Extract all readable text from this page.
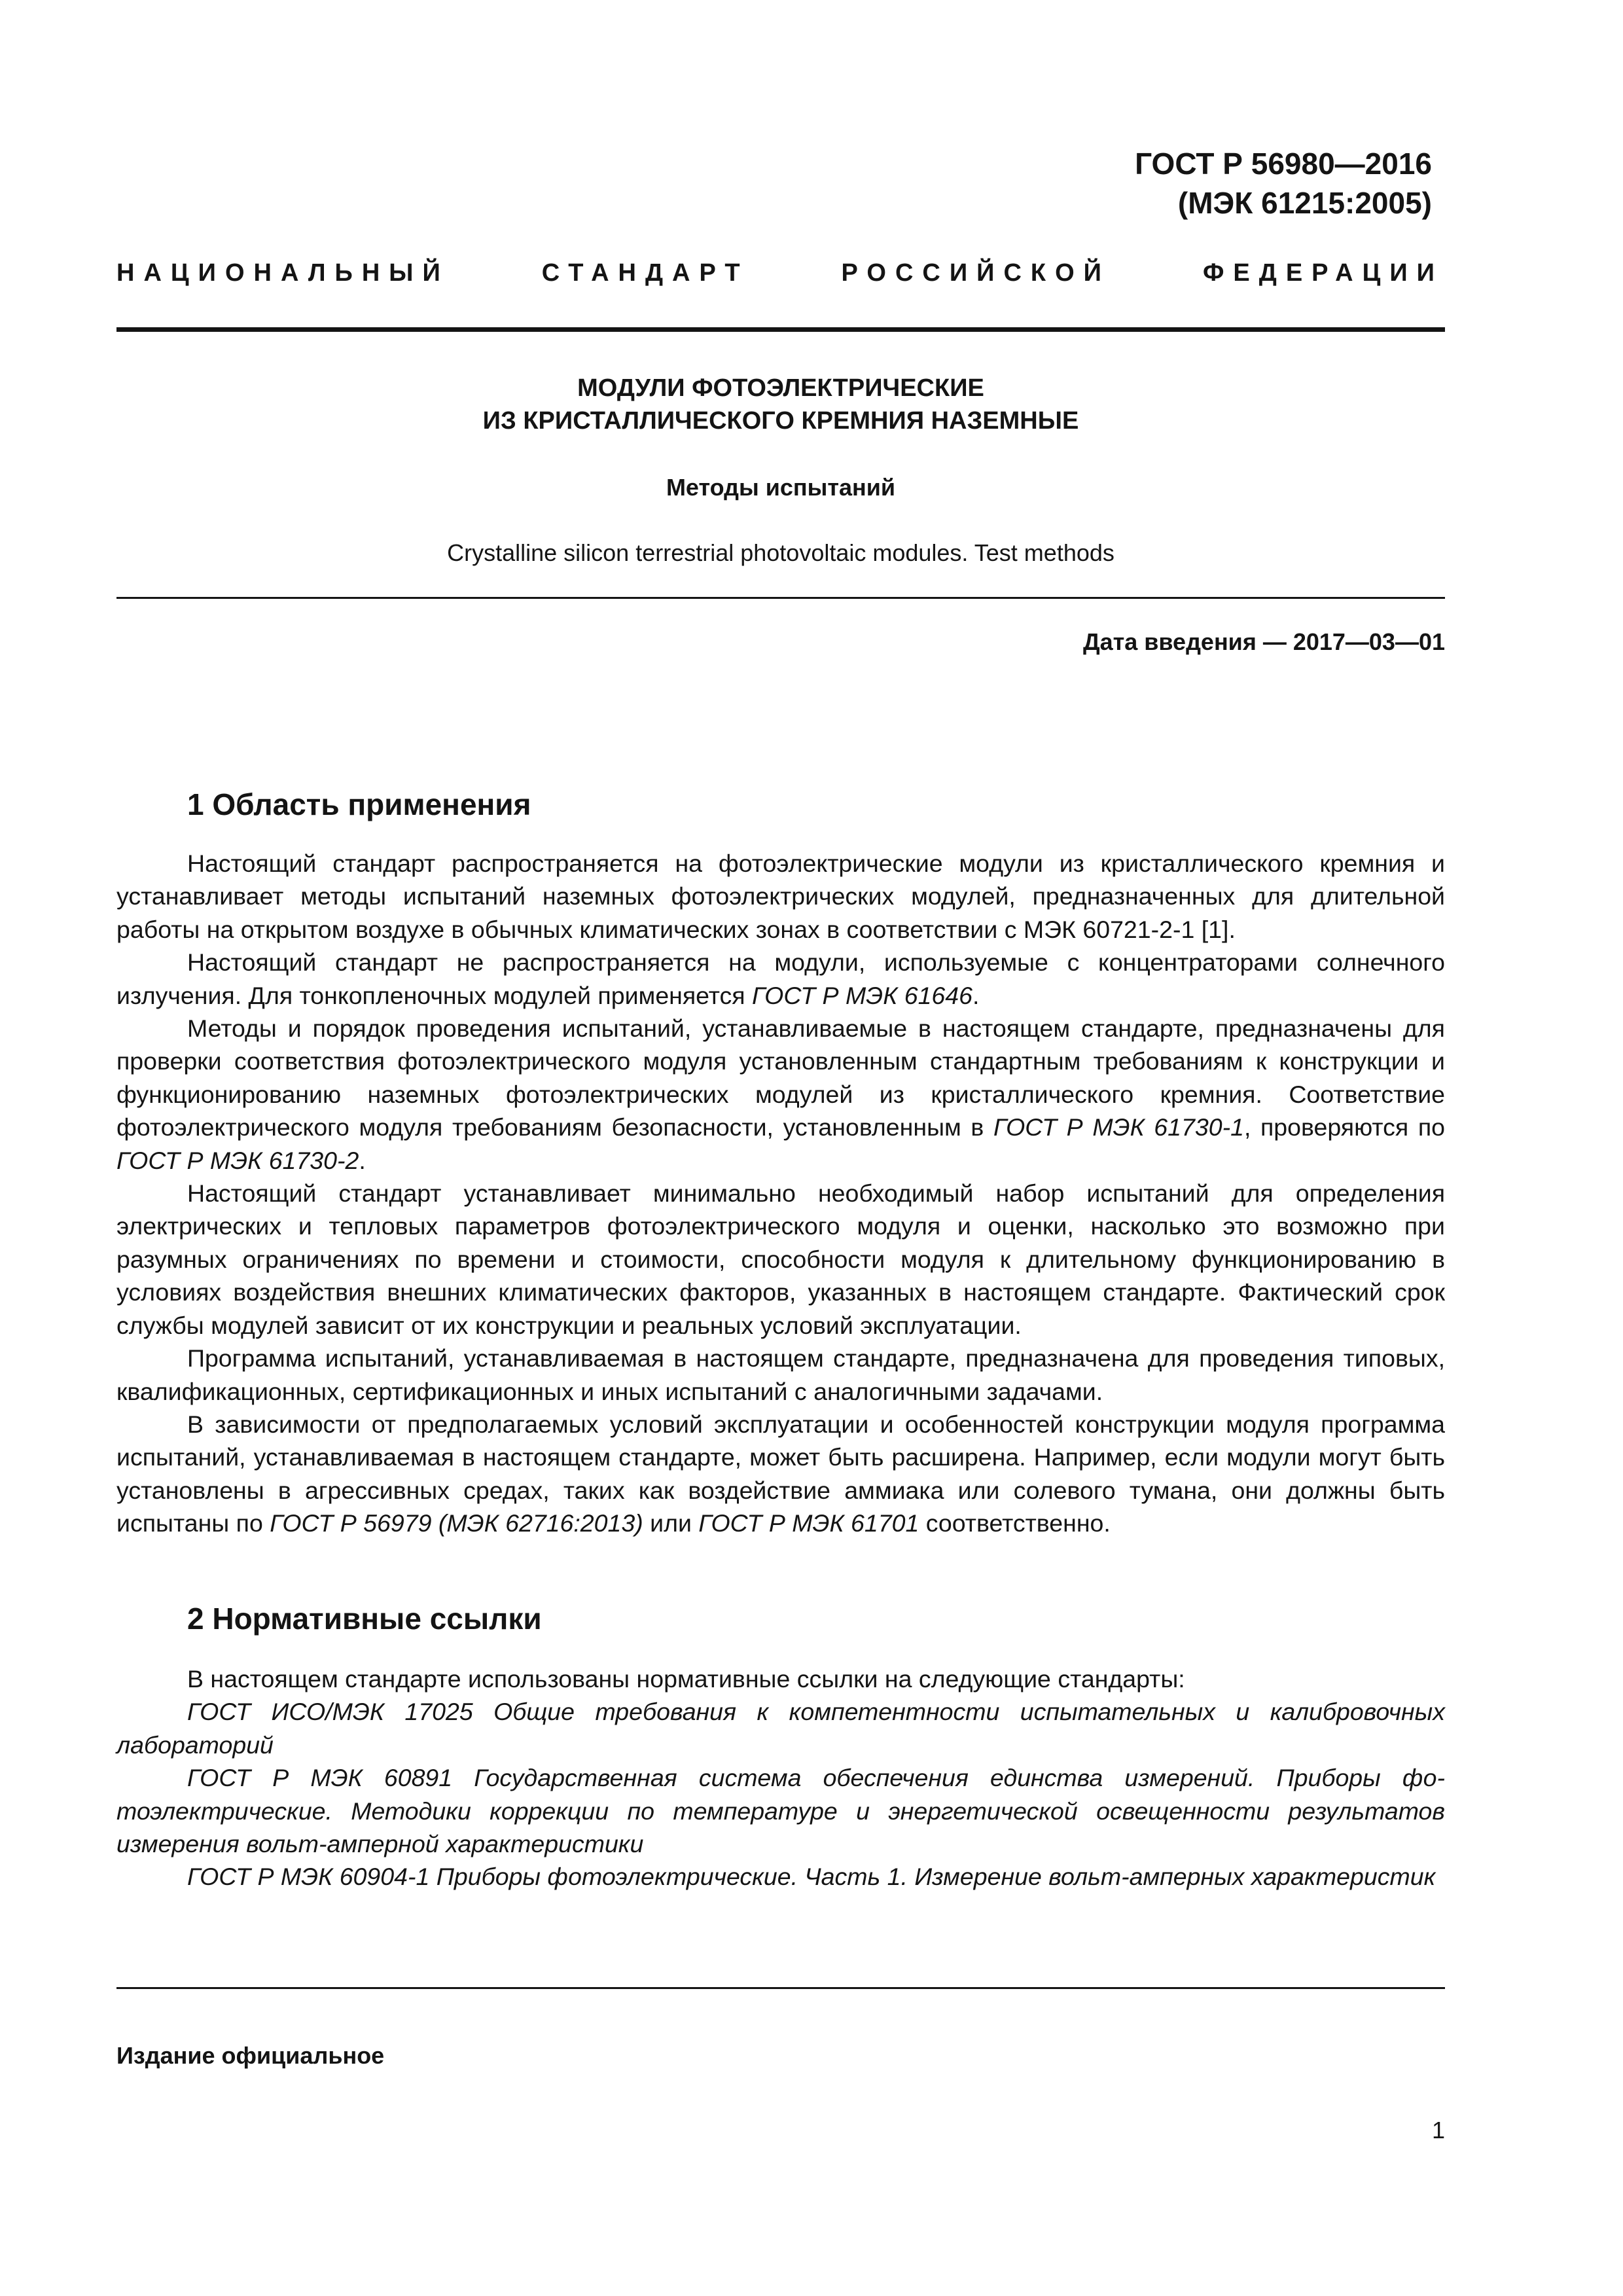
ГОСТ Р 56980—2016
(МЭК 61215:2005)
НАЦИОНАЛЬНЫЙ СТАНДАРТ РОССИЙСКОЙ ФЕДЕРАЦИИ
МОДУЛИ ФОТОЭЛЕКТРИЧЕСКИЕ
ИЗ КРИСТАЛЛИЧЕСКОГО КРЕМНИЯ НАЗЕМНЫЕ
Методы испытаний
Crystalline silicon terrestrial photovoltaic modules. Test methods
Дата введения — 2017—03—01
1 Область применения

Настоящий стандарт распространяется на фотоэлектрические модули из кристаллического кремния и устанавливает методы испытаний наземных фотоэлектрических модулей, предназначенных для длительной работы на открытом воздухе в обычных климатических зонах в соответствии с МЭК 60721-2-1 [1].

Настоящий стандарт не распространяется на модули, используемые с концентраторами солнечного излучения. Для тонкопленочных модулей применяется ГОСТ Р МЭК 61646.

Методы и порядок проведения испытаний, устанавливаемые в настоящем стандарте, предназначены для проверки соответствия фотоэлектрического модуля установленным стандартным требованиям к конструкции и функционированию наземных фотоэлектрических модулей из кристаллического кремния. Соответствие фотоэлектрического модуля требованиям безопасности, установленным в ГОСТ Р МЭК 61730-1, проверяются по ГОСТ Р МЭК 61730-2.

Настоящий стандарт устанавливает минимально необходимый набор испытаний для определения электрических и тепловых параметров фотоэлектрического модуля и оценки, насколько это возможно при разумных ограничениях по времени и стоимости, способности модуля к длительному функционированию в условиях воздействия внешних климатических факторов, указанных в настоящем стандарте. Фактический срок службы модулей зависит от их конструкции и реальных условий эксплуатации.

Программа испытаний, устанавливаемая в настоящем стандарте, предназначена для проведения типовых, квалификационных, сертификационных и иных испытаний с аналогичными задачами.

В зависимости от предполагаемых условий эксплуатации и особенностей конструкции модуля программа испытаний, устанавливаемая в настоящем стандарте, может быть расширена. Например, если модули могут быть установлены в агрессивных средах, таких как воздействие аммиака или солевого тумана, они должны быть испытаны по ГОСТ Р 56979 (МЭК 62716:2013) или ГОСТ Р МЭК 61701 соответственно.

2 Нормативные ссылки

В настоящем стандарте использованы нормативные ссылки на следующие стандарты:

ГОСТ ИСО/МЭК 17025 Общие требования к компетентности испытательных и калибровочных лабораторий

ГОСТ Р МЭК 60891 Государственная система обеспечения единства измерений. Приборы фотоэлектрические. Методики коррекции по температуре и энергетической освещенности результатов измерения вольт-амперной характеристики

ГОСТ Р МЭК 60904-1 Приборы фотоэлектрические. Часть 1. Измерение вольт-амперных характеристик

Издание официальное
1
